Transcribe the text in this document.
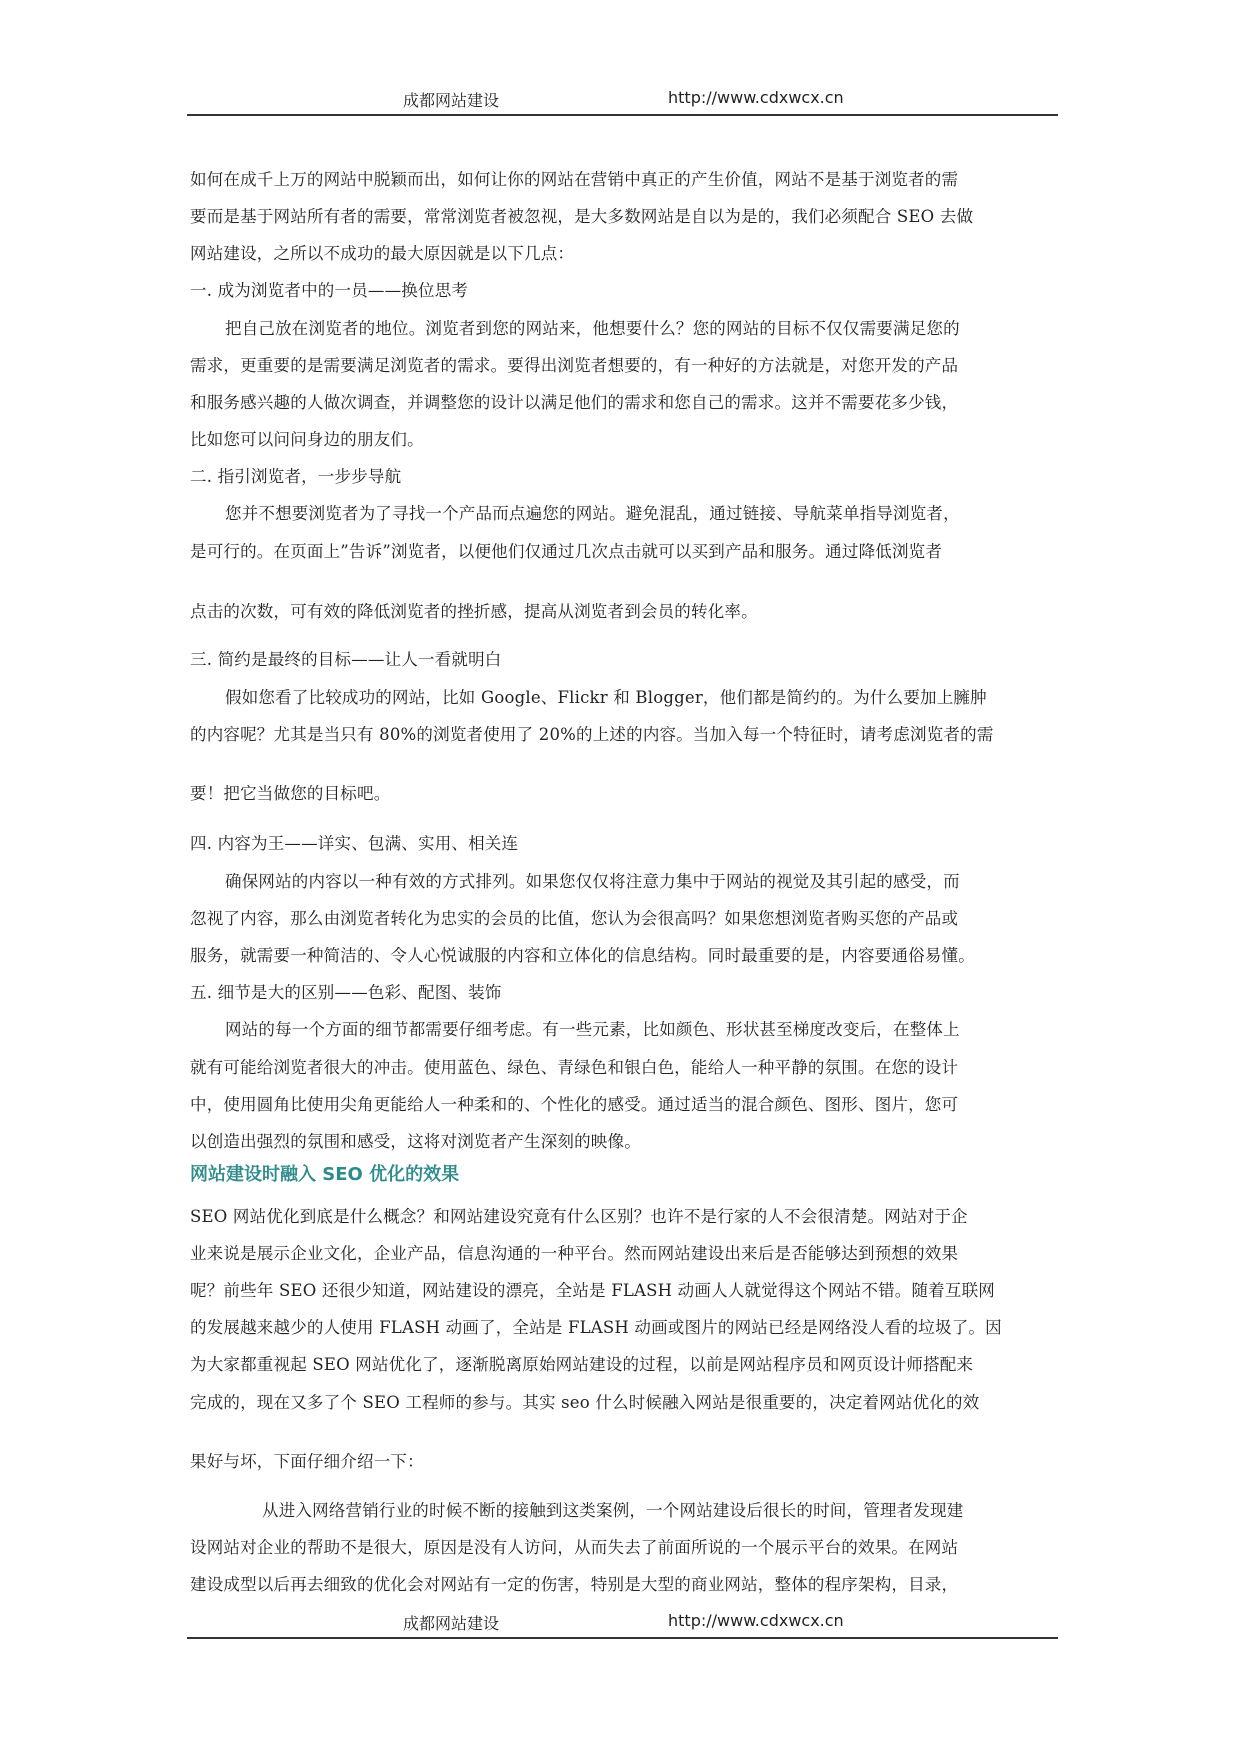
成都网站建设	http://www.cdxwcx.cn
如何在成千上万的网站中脱颖而出，如何让你的网站在营销中真正的产生价值，网站不是基于浏览者的需
要而是基于网站所有者的需要，常常浏览者被忽视，是大多数网站是自以为是的，我们必须配合 SEO 去做
网站建设，之所以不成功的最大原因就是以下几点：
一. 成为浏览者中的一员——换位思考
把自己放在浏览者的地位。浏览者到您的网站来，他想要什么？您的网站的目标不仅仅需要满足您的
需求，更重要的是需要满足浏览者的需求。要得出浏览者想要的，有一种好的方法就是，对您开发的产品
和服务感兴趣的人做次调查，并调整您的设计以满足他们的需求和您自己的需求。这并不需要花多少钱，
比如您可以问问身边的朋友们。
二. 指引浏览者，一步步导航
您并不想要浏览者为了寻找一个产品而点遍您的网站。避免混乱，通过链接、导航菜单指导浏览者，
是可行的。在页面上”告诉”浏览者，以便他们仅通过几次点击就可以买到产品和服务。通过降低浏览者
点击的次数，可有效的降低浏览者的挫折感，提高从浏览者到会员的转化率。
三. 简约是最终的目标——让人一看就明白
假如您看了比较成功的网站，比如 Google、Flickr 和 Blogger，他们都是简约的。为什么要加上臃肿
的内容呢？尤其是当只有 80%的浏览者使用了 20%的上述的内容。当加入每一个特征时，请考虑浏览者的需
要！把它当做您的目标吧。
四. 内容为王——详实、包满、实用、相关连
确保网站的内容以一种有效的方式排列。如果您仅仅将注意力集中于网站的视觉及其引起的感受，而
忽视了内容，那么由浏览者转化为忠实的会员的比值，您认为会很高吗？如果您想浏览者购买您的产品或
服务，就需要一种简洁的、令人心悦诚服的内容和立体化的信息结构。同时最重要的是，内容要通俗易懂。
五. 细节是大的区别——色彩、配图、装饰
网站的每一个方面的细节都需要仔细考虑。有一些元素，比如颜色、形状甚至梯度改变后，在整体上
就有可能给浏览者很大的冲击。使用蓝色、绿色、青绿色和银白色，能给人一种平静的氛围。在您的设计
中，使用圆角比使用尖角更能给人一种柔和的、个性化的感受。通过适当的混合颜色、图形、图片，您可
以创造出强烈的氛围和感受，这将对浏览者产生深刻的映像。
网站建设时融入 SEO 优化的效果
SEO 网站优化到底是什么概念？和网站建设究竟有什么区别？也许不是行家的人不会很清楚。网站对于企
业来说是展示企业文化，企业产品，信息沟通的一种平台。然而网站建设出来后是否能够达到预想的效果
呢？前些年 SEO 还很少知道，网站建设的漂亮，全站是 FLASH 动画人人就觉得这个网站不错。随着互联网
的发展越来越少的人使用 FLASH 动画了，全站是 FLASH 动画或图片的网站已经是网络没人看的垃圾了。因
为大家都重视起 SEO 网站优化了，逐渐脱离原始网站建设的过程，以前是网站程序员和网页设计师搭配来
完成的，现在又多了个 SEO 工程师的参与。其实 seo 什么时候融入网站是很重要的，决定着网站优化的效
果好与坏，下面仔细介绍一下：
从进入网络营销行业的时候不断的接触到这类案例，一个网站建设后很长的时间，管理者发现建
设网站对企业的帮助不是很大，原因是没有人访问，从而失去了前面所说的一个展示平台的效果。在网站
建设成型以后再去细致的优化会对网站有一定的伤害，特别是大型的商业网站，整体的程序架构，目录，
成都网站建设	http://www.cdxwcx.cn
